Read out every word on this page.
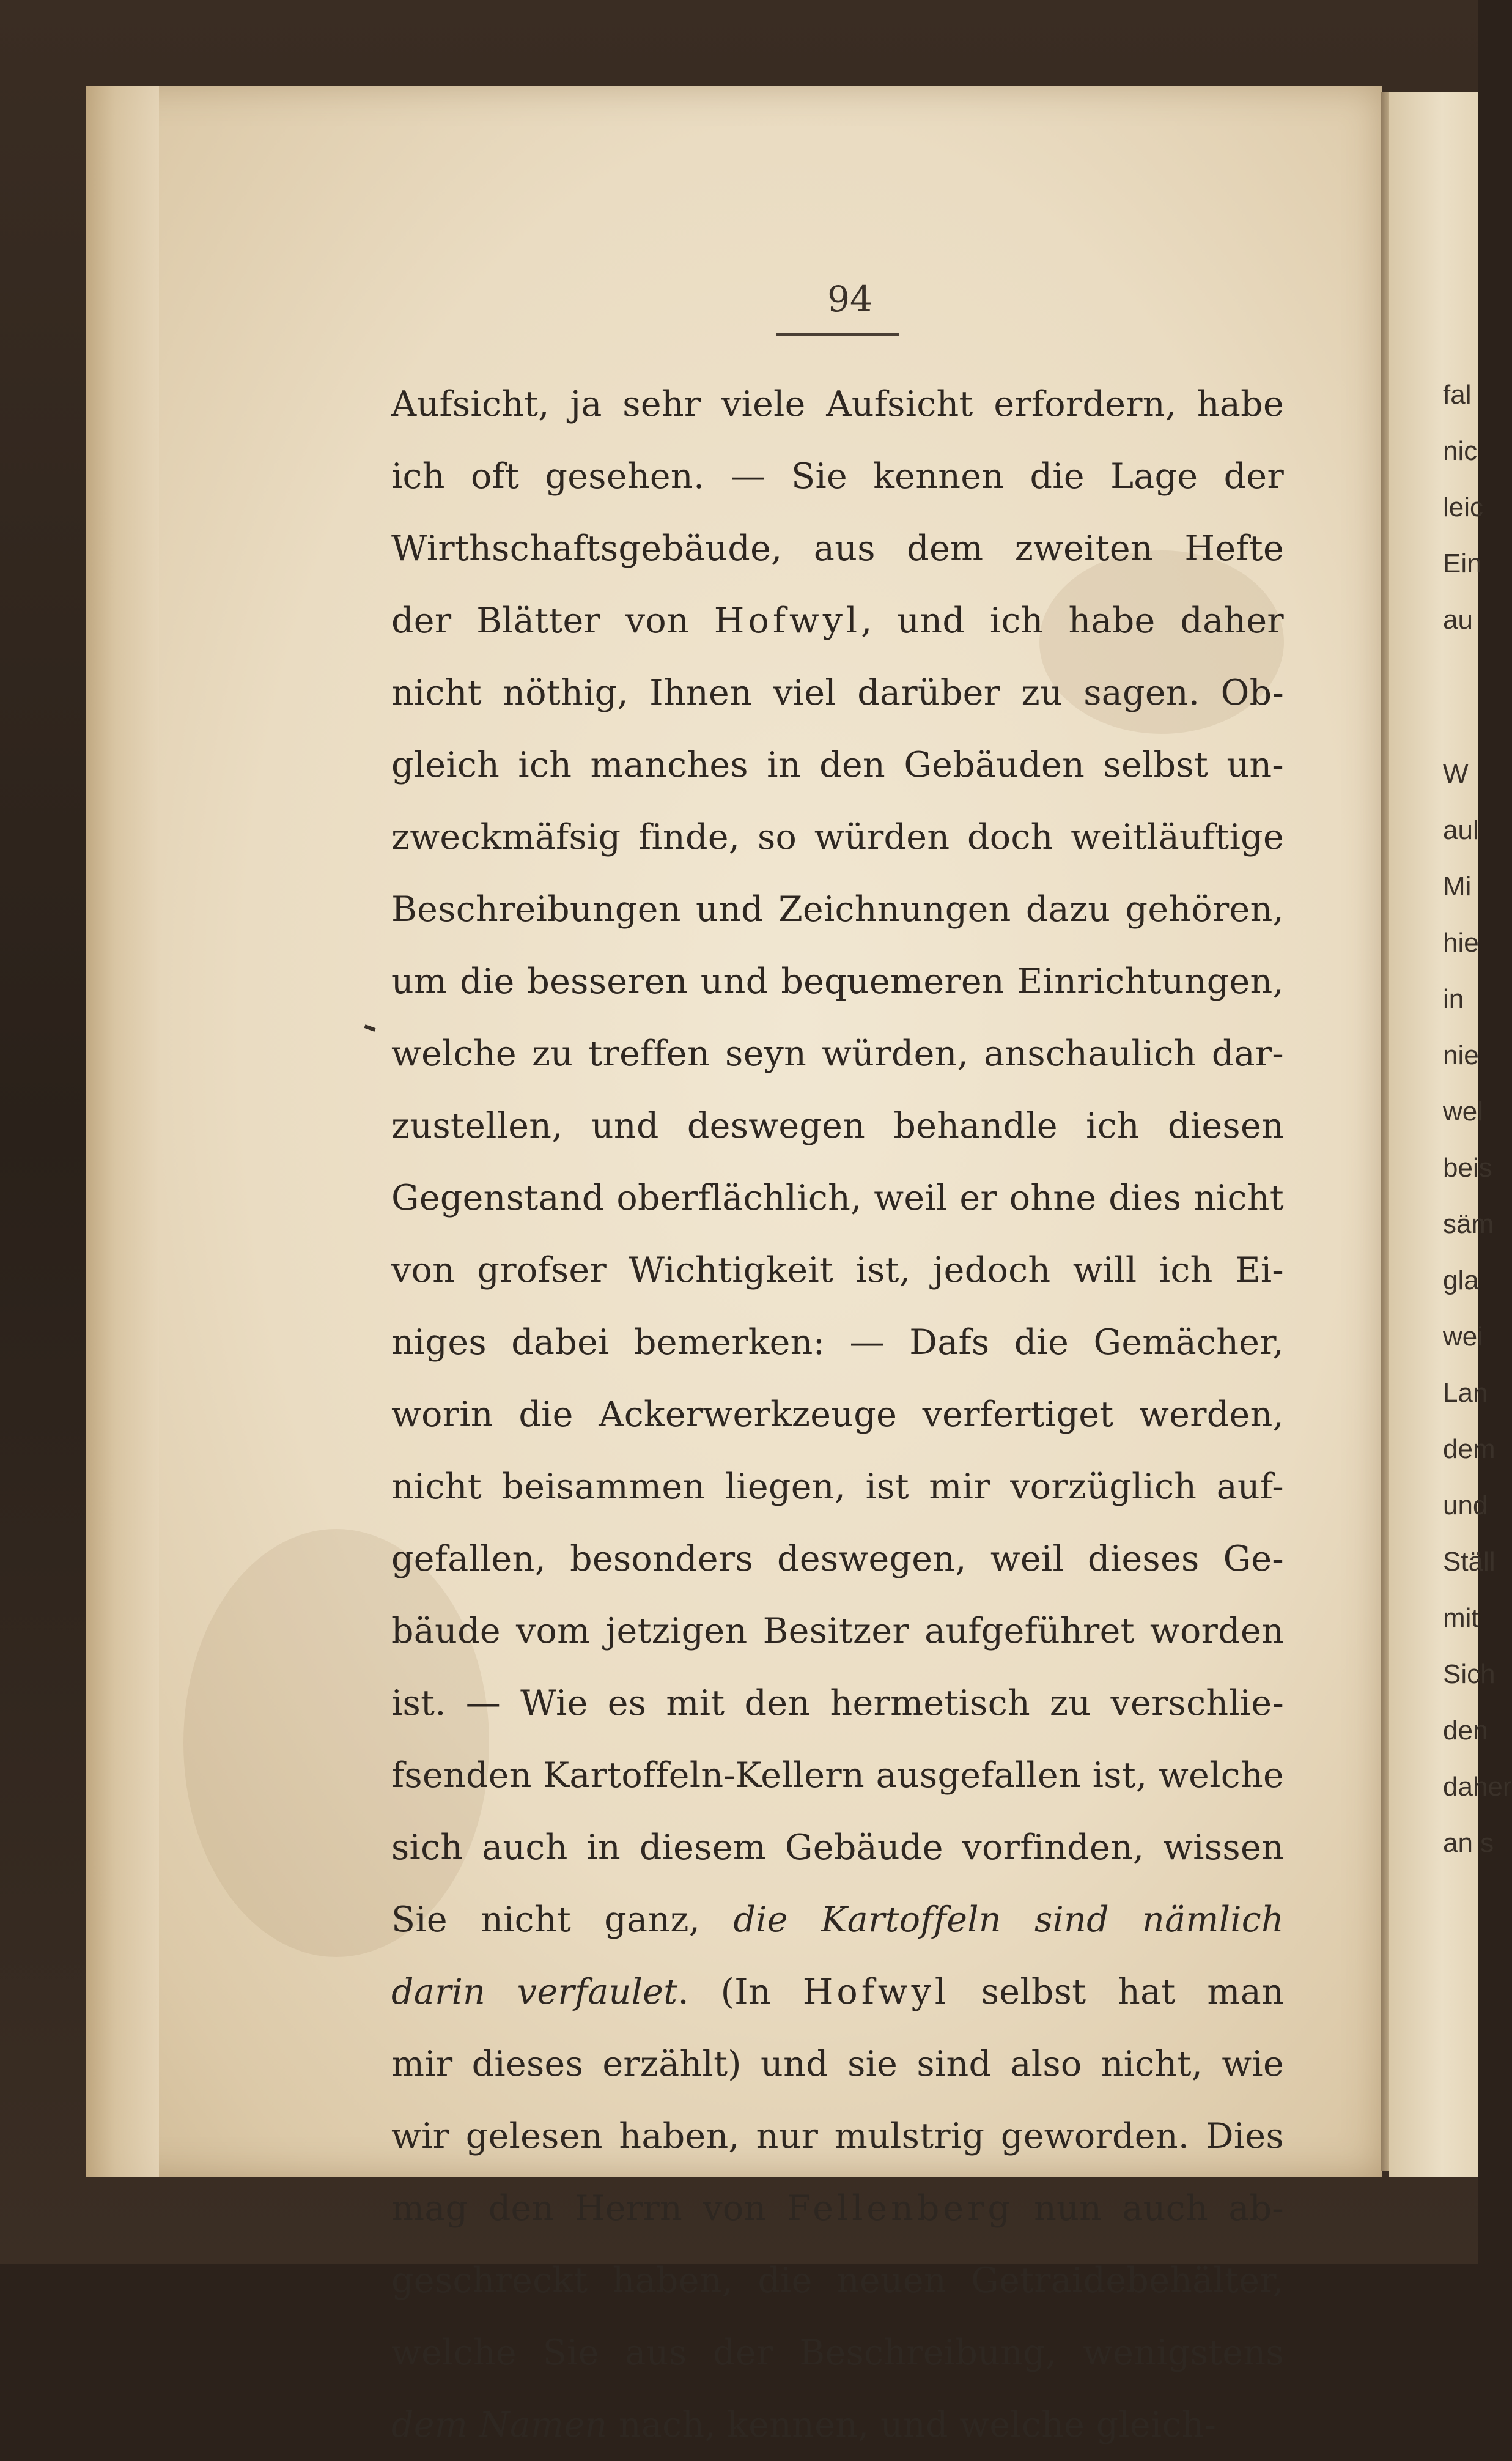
94

Aufsicht, ja sehr viele Aufsicht erfordern, habe
ich oft gesehen. — Sie kennen die Lage der
Wirthschaftsgebäude, aus dem zweiten Hefte
der Blätter von Hofwyl, und ich habe daher
nicht nöthig, Ihnen viel darüber zu sagen. Ob-
gleich ich manches in den Gebäuden selbst un-
zweckmäfsig finde, so würden doch weitläuftige
Beschreibungen und Zeichnungen dazu gehören,
um die besseren und bequemeren Einrichtungen,
welche zu treffen seyn würden, anschaulich dar-
zustellen, und deswegen behandle ich diesen
Gegenstand oberflächlich, weil er ohne dies nicht
von grofser Wichtigkeit ist, jedoch will ich Ei-
niges dabei bemerken: — Dafs die Gemächer,
worin die Ackerwerkzeuge verfertiget werden,
nicht beisammen liegen, ist mir vorzüglich auf-
gefallen, besonders deswegen, weil dieses Ge-
bäude vom jetzigen Besitzer aufgeführet worden
ist. — Wie es mit den hermetisch zu verschlie-
fsenden Kartoffeln-Kellern ausgefallen ist, welche
sich auch in diesem Gebäude vorfinden, wissen
Sie nicht ganz, die Kartoffeln sind nämlich
darin verfaulet. (In Hofwyl selbst hat man
mir dieses erzählt) und sie sind also nicht, wie
wir gelesen haben, nur mulstrig geworden. Dies
mag den Herrn von Fellenberg nun auch ab-
geschreckt haben, die neuen Getraidebehälter,
welche Sie aus der Beschreibung, wenigstens
dem Namen nach, kennen, und welche gleich-
fal
nic
leic
Ein
au
W
aul
Mi
hie
in
nie
wel
beis
säm
gla
wei
Lan
dem
und
Ställ
mit
Sich
den
daher
an s
